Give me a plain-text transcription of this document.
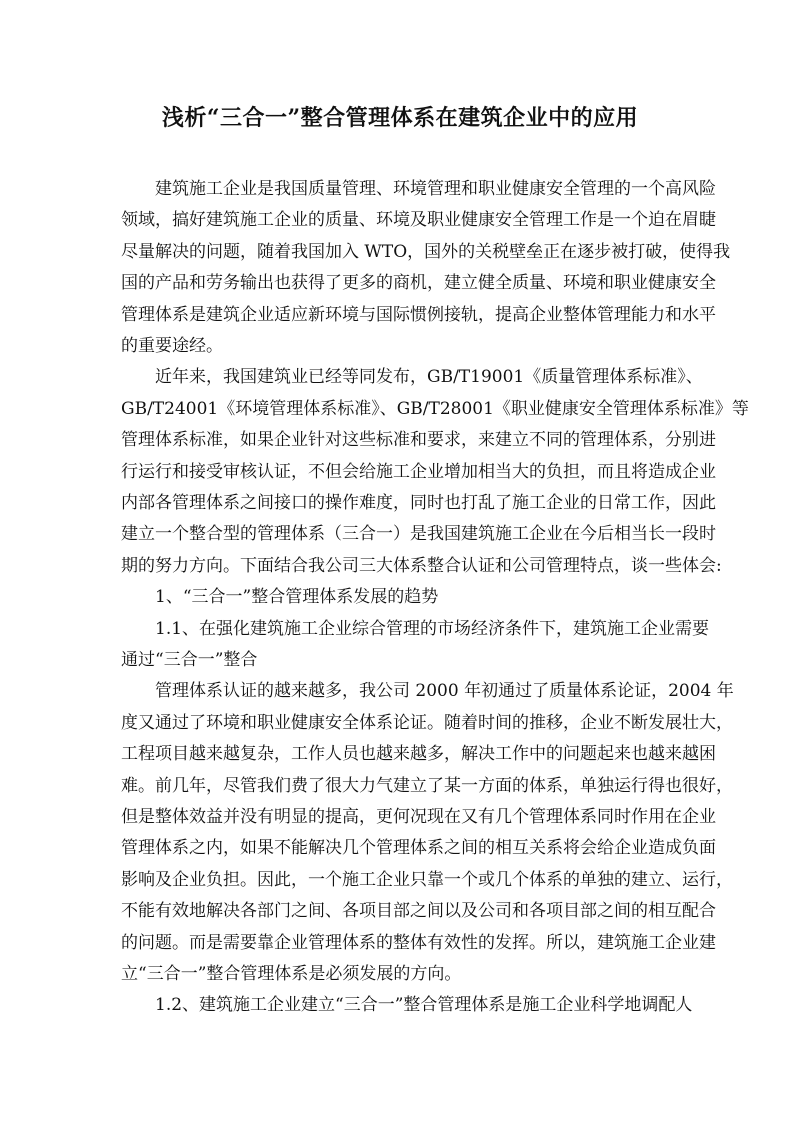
浅析“三合一”整合管理体系在建筑企业中的应用
建筑施工企业是我国质量管理、环境管理和职业健康安全管理的一个高风险
领域，搞好建筑施工企业的质量、环境及职业健康安全管理工作是一个迫在眉睫
尽量解决的问题，随着我国加入 WTO，国外的关税壁垒正在逐步被打破，使得我
国的产品和劳务输出也获得了更多的商机，建立健全质量、环境和职业健康安全
管理体系是建筑企业适应新环境与国际惯例接轨，提高企业整体管理能力和水平
的重要途经。
近年来，我国建筑业已经等同发布，GB/T19001《质量管理体系标准》、
GB/T24001《环境管理体系标准》、GB/T28001《职业健康安全管理体系标准》等
管理体系标准，如果企业针对这些标准和要求，来建立不同的管理体系，分别进
行运行和接受审核认证，不但会给施工企业增加相当大的负担，而且将造成企业
内部各管理体系之间接口的操作难度，同时也打乱了施工企业的日常工作，因此
建立一个整合型的管理体系（三合一）是我国建筑施工企业在今后相当长一段时
期的努力方向。下面结合我公司三大体系整合认证和公司管理特点，谈一些体会:
1、“三合一”整合管理体系发展的趋势
1.1、在强化建筑施工企业综合管理的市场经济条件下，建筑施工企业需要
通过“三合一”整合
管理体系认证的越来越多，我公司 2000 年初通过了质量体系论证，2004 年
度又通过了环境和职业健康安全体系论证。随着时间的推移，企业不断发展壮大，
工程项目越来越复杂，工作人员也越来越多，解决工作中的问题起来也越来越困
难。前几年，尽管我们费了很大力气建立了某一方面的体系，单独运行得也很好，
但是整体效益并没有明显的提高，更何况现在又有几个管理体系同时作用在企业
管理体系之内，如果不能解决几个管理体系之间的相互关系将会给企业造成负面
影响及企业负担。因此，一个施工企业只靠一个或几个体系的单独的建立、运行，
不能有效地解决各部门之间、各项目部之间以及公司和各项目部之间的相互配合
的问题。而是需要靠企业管理体系的整体有效性的发挥。所以，建筑施工企业建
立“三合一”整合管理体系是必须发展的方向。
1.2、建筑施工企业建立“三合一”整合管理体系是施工企业科学地调配人
